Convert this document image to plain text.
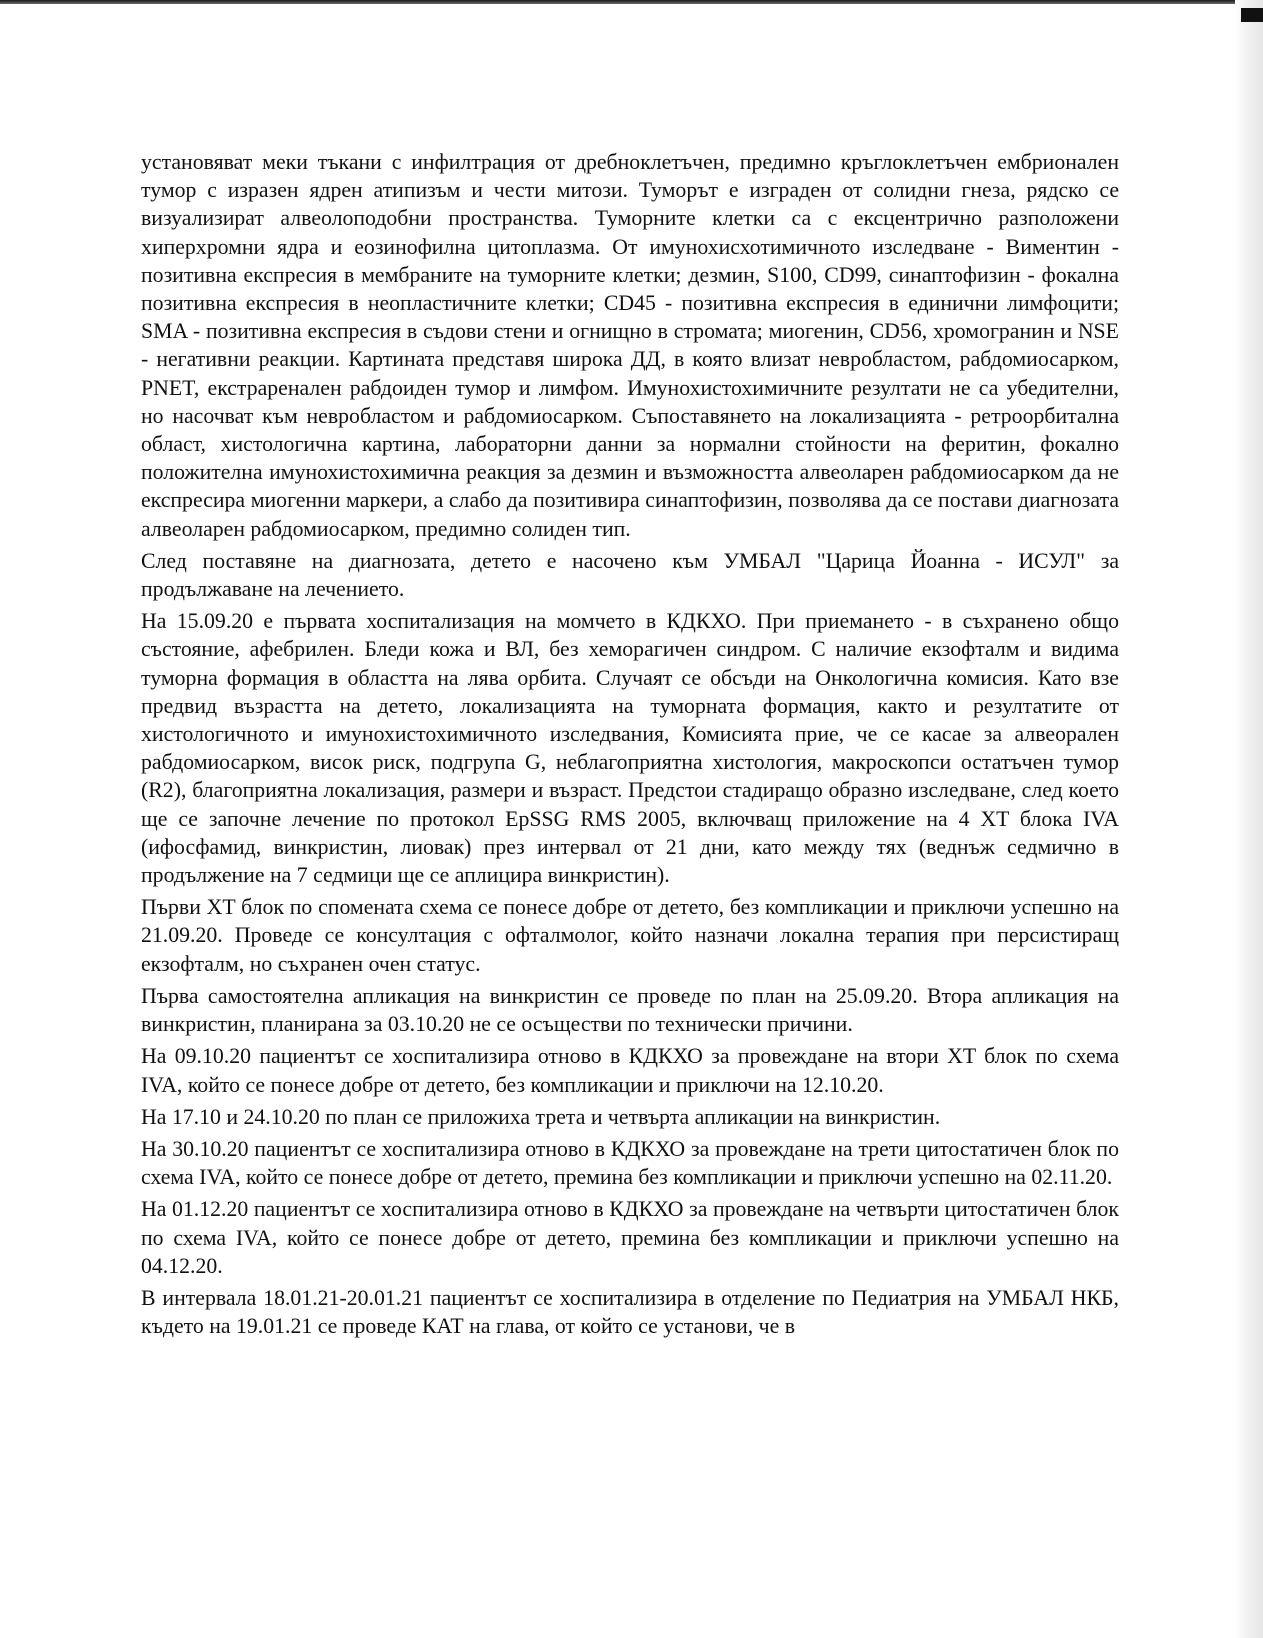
установяват меки тъкани с инфилтрация от дребноклетъчен, предимно кръглоклетъчен ембрионален тумор с изразен ядрен атипизъм и чести митози. Туморът е изграден от солидни гнеза, рядско се визуализират алвеолоподобни пространства. Туморните клетки са с ексцентрично разположени хиперхромни ядра и еозинофилна цитоплазма. От имунохисхотимичното изследване - Виментин - позитивна експресия в мембраните на туморните клетки; дезмин, S100, CD99, синаптофизин - фокална позитивна експресия в неопластичните клетки; CD45 - позитивна експресия в единични лимфоцити; SMA - позитивна експресия в съдови стени и огнищно в стромата; миогенин, CD56, хромогранин и NSE - негативни реакции. Картината представя широка ДД, в която влизат невробластом, рабдомиосарком, PNET, екстраренален рабдоиден тумор и лимфом. Имунохистохимичните резултати не са убедителни, но насочват към невробластом и рабдомиосарком. Съпоставянето на локализацията - ретроорбитална област, хистологична картина, лабораторни данни за нормални стойности на феритин, фокално положителна имунохистохимична реакция за дезмин и възможността алвеоларен рабдомиосарком да не експресира миогенни маркери, а слабо да позитивира синаптофизин, позволява да се постави диагнозата алвеоларен рабдомиосарком, предимно солиден тип.

След поставяне на диагнозата, детето е насочено към УМБАЛ "Царица Йоанна - ИСУЛ" за продължаване на лечението.

На 15.09.20 е първата хоспитализация на момчето в КДКХО. При приемането - в съхранено общо състояние, афебрилен. Бледи кожа и ВЛ, без хеморагичен синдром. С наличие екзофталм и видима туморна формация в областта на лява орбита. Случаят се обсъди на Онкологична комисия. Като взе предвид възрастта на детето, локализацията на туморната формация, както и резултатите от хистологичното и имунохистохимичното изследвания, Комисията прие, че се касае за алвеорален рабдомиосарком, висок риск, подгрупа G, неблагоприятна хистология, макроскопси остатъчен тумор (R2), благоприятна локализация, размери и възраст. Предстои стадиращо образно изследване, след което ще се започне лечение по протокол EpSSG RMS 2005, включващ приложение на 4 XT блока IVA (ифосфамид, винкристин, лиовак) през интервал от 21 дни, като между тях (веднъж седмично в продължение на 7 седмици ще се аплицира винкристин).

Първи XT блок по спомената схема се понесе добре от детето, без компликации и приключи успешно на 21.09.20. Проведе се консултация с офталмолог, който назначи локална терапия при персистиращ екзофталм, но съхранен очен статус.

Първа самостоятелна апликация на винкристин се проведе по план на 25.09.20. Втора апликация на винкристин, планирана за 03.10.20 не се осъществи по технически причини.

На 09.10.20 пациентът се хоспитализира отново в КДКХО за провеждане на втори XT блок по схема IVA, който се понесе добре от детето, без компликации и приключи на 12.10.20.

На 17.10 и 24.10.20 по план се приложиха трета и четвърта апликации на винкристин.

На 30.10.20 пациентът се хоспитализира отново в КДКХО за провеждане на трети цитостатичен блок по схема IVA, който се понесе добре от детето, премина без компликации и приключи успешно на 02.11.20.

На 01.12.20 пациентът се хоспитализира отново в КДКХО за провеждане на четвърти цитостатичен блок по схема IVA, който се понесе добре от детето, премина без компликации и приключи успешно на 04.12.20.

В интервала 18.01.21-20.01.21 пациентът се хоспитализира в отделение по Педиатрия на УМБАЛ НКБ, където на 19.01.21 се проведе КАТ на глава, от който се установи, че в
